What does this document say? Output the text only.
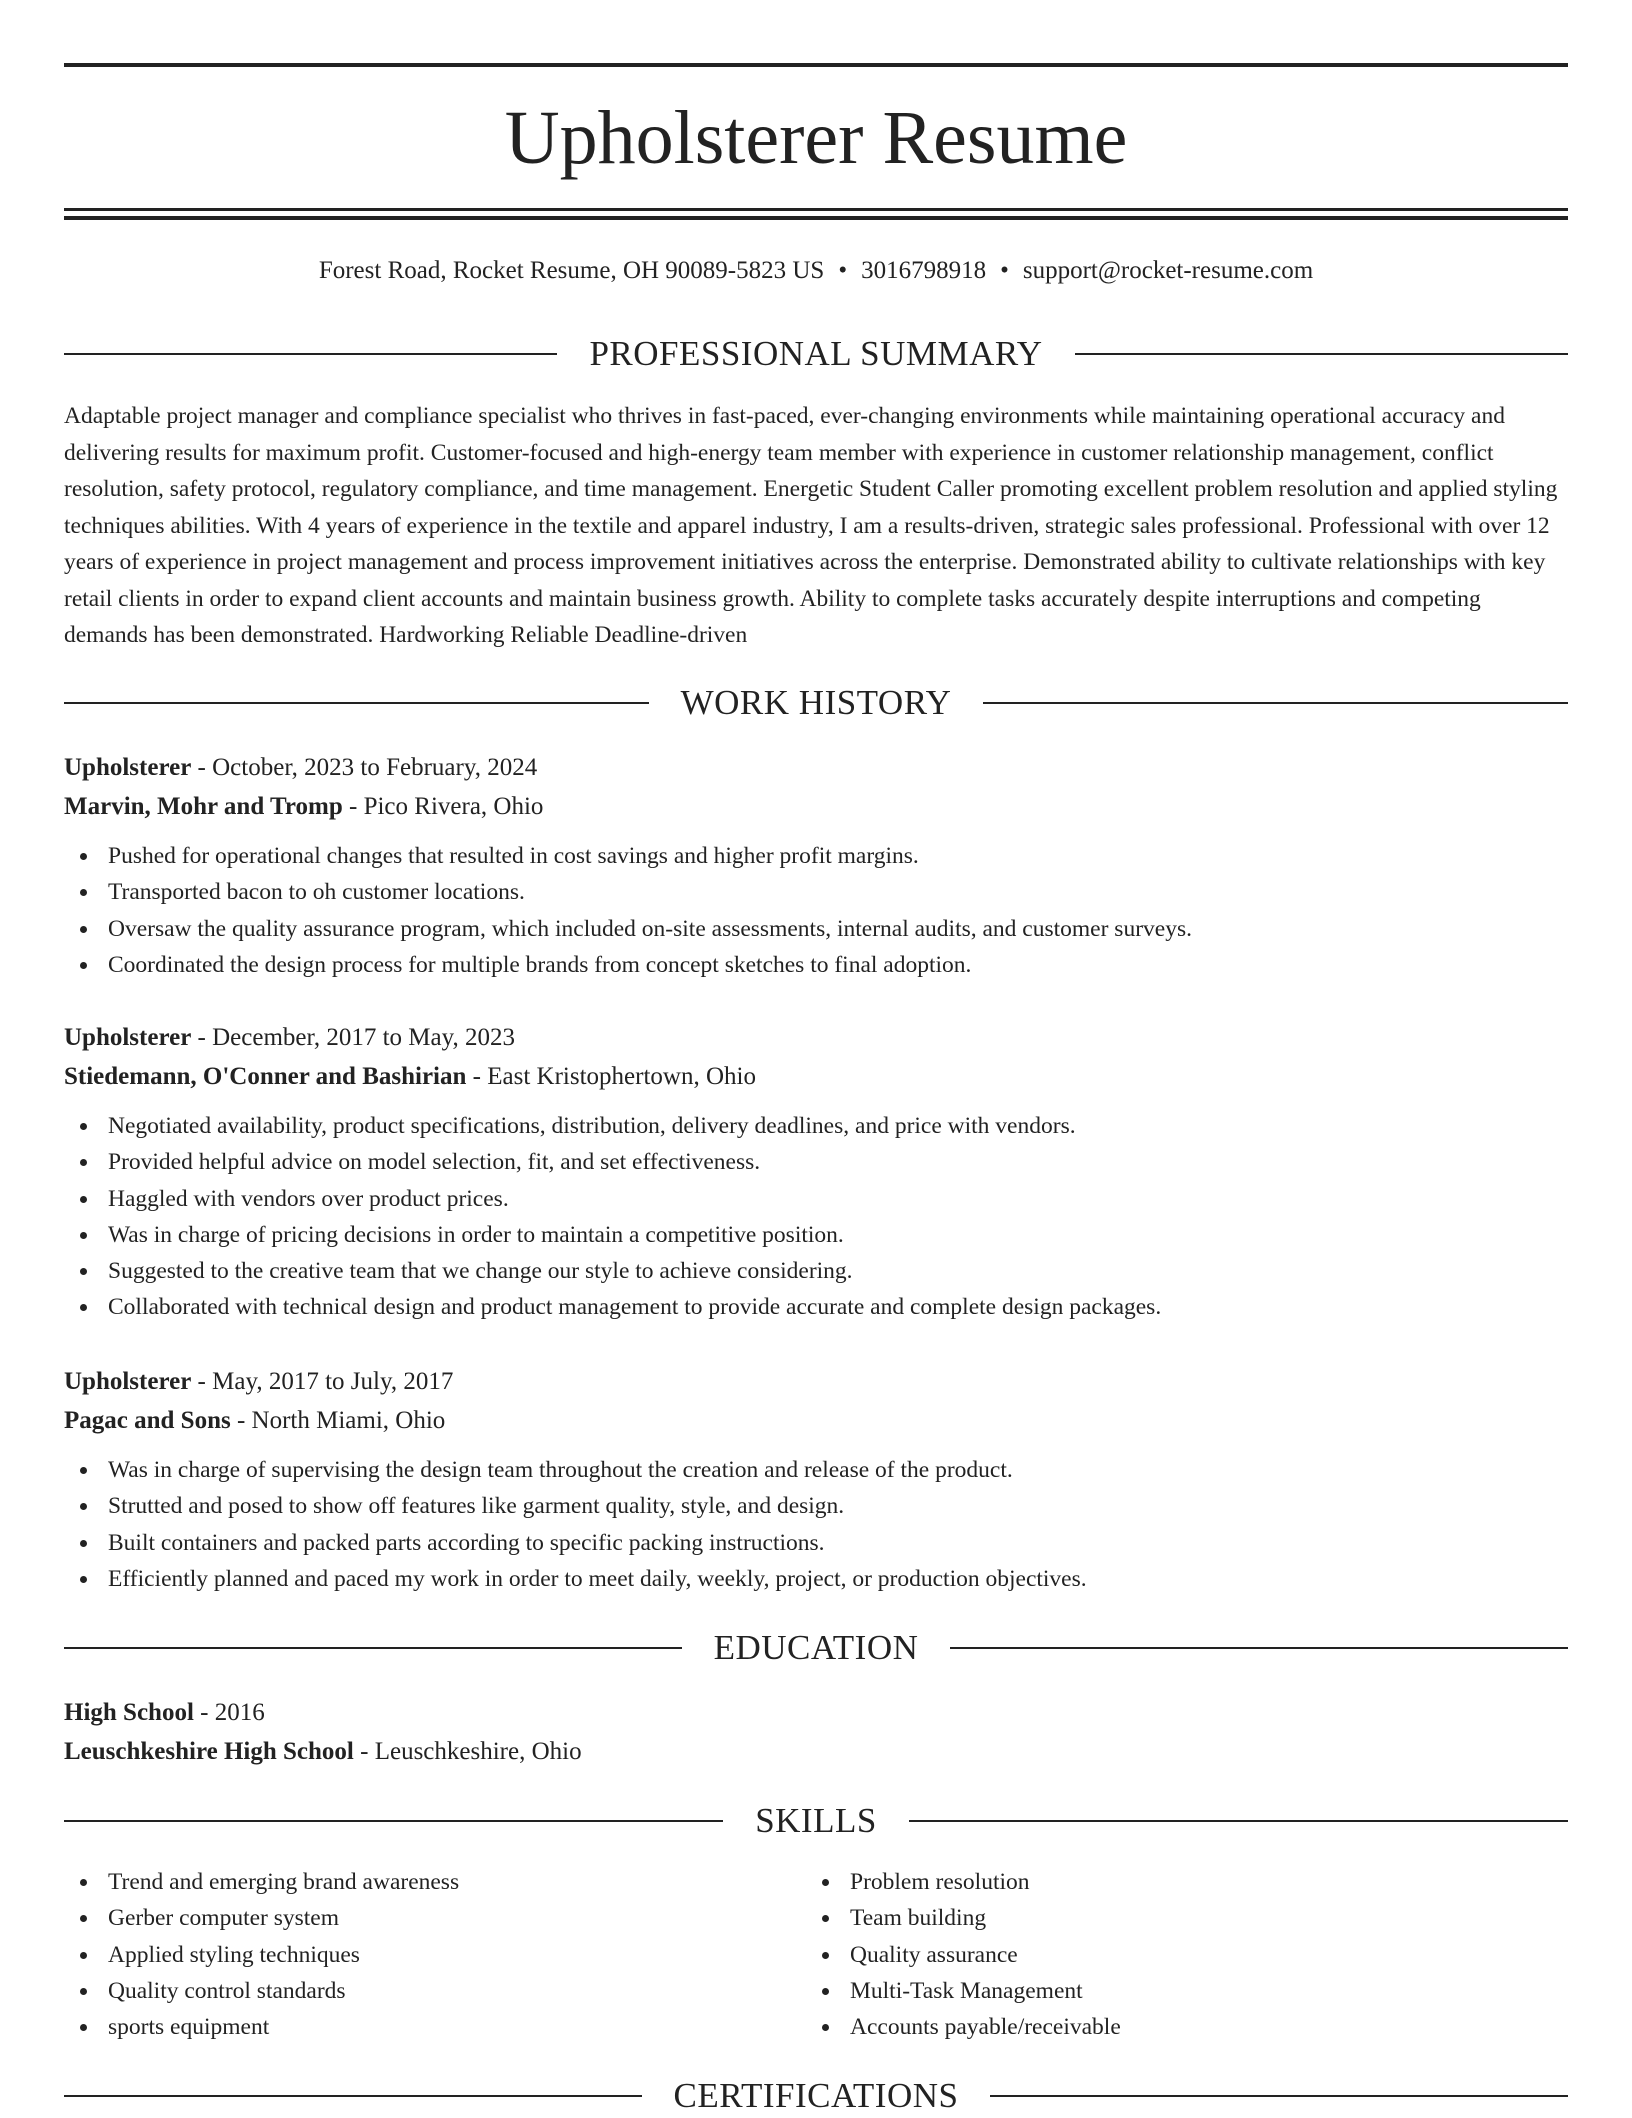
Upholsterer Resume
Forest Road, Rocket Resume, OH 90089-5823 US • 3016798918 • support@rocket-resume.com
PROFESSIONAL SUMMARY

Adaptable project manager and compliance specialist who thrives in fast-paced, ever-changing environments while maintaining operational accuracy and delivering results for maximum profit. Customer-focused and high-energy team member with experience in customer relationship management, conflict resolution, safety protocol, regulatory compliance, and time management. Energetic Student Caller promoting excellent problem resolution and applied styling techniques abilities. With 4 years of experience in the textile and apparel industry, I am a results-driven, strategic sales professional. Professional with over 12 years of experience in project management and process improvement initiatives across the enterprise. Demonstrated ability to cultivate relationships with key retail clients in order to expand client accounts and maintain business growth. Ability to complete tasks accurately despite interruptions and competing demands has been demonstrated. Hardworking Reliable Deadline-driven

WORK HISTORY
Upholsterer - October, 2023 to February, 2024
Marvin, Mohr and Tromp - Pico Rivera, Ohio
Pushed for operational changes that resulted in cost savings and higher profit margins.
Transported bacon to oh customer locations.
Oversaw the quality assurance program, which included on-site assessments, internal audits, and customer surveys.
Coordinated the design process for multiple brands from concept sketches to final adoption.
Upholsterer - December, 2017 to May, 2023
Stiedemann, O'Conner and Bashirian - East Kristophertown, Ohio
Negotiated availability, product specifications, distribution, delivery deadlines, and price with vendors.
Provided helpful advice on model selection, fit, and set effectiveness.
Haggled with vendors over product prices.
Was in charge of pricing decisions in order to maintain a competitive position.
Suggested to the creative team that we change our style to achieve considering.
Collaborated with technical design and product management to provide accurate and complete design packages.
Upholsterer - May, 2017 to July, 2017
Pagac and Sons - North Miami, Ohio
Was in charge of supervising the design team throughout the creation and release of the product.
Strutted and posed to show off features like garment quality, style, and design.
Built containers and packed parts according to specific packing instructions.
Efficiently planned and paced my work in order to meet daily, weekly, project, or production objectives.
EDUCATION
High School - 2016
Leuschkeshire High School - Leuschkeshire, Ohio
SKILLS
Trend and emerging brand awareness
Gerber computer system
Applied styling techniques
Quality control standards
sports equipment
Problem resolution
Team building
Quality assurance
Multi-Task Management
Accounts payable/receivable
CERTIFICATIONS
